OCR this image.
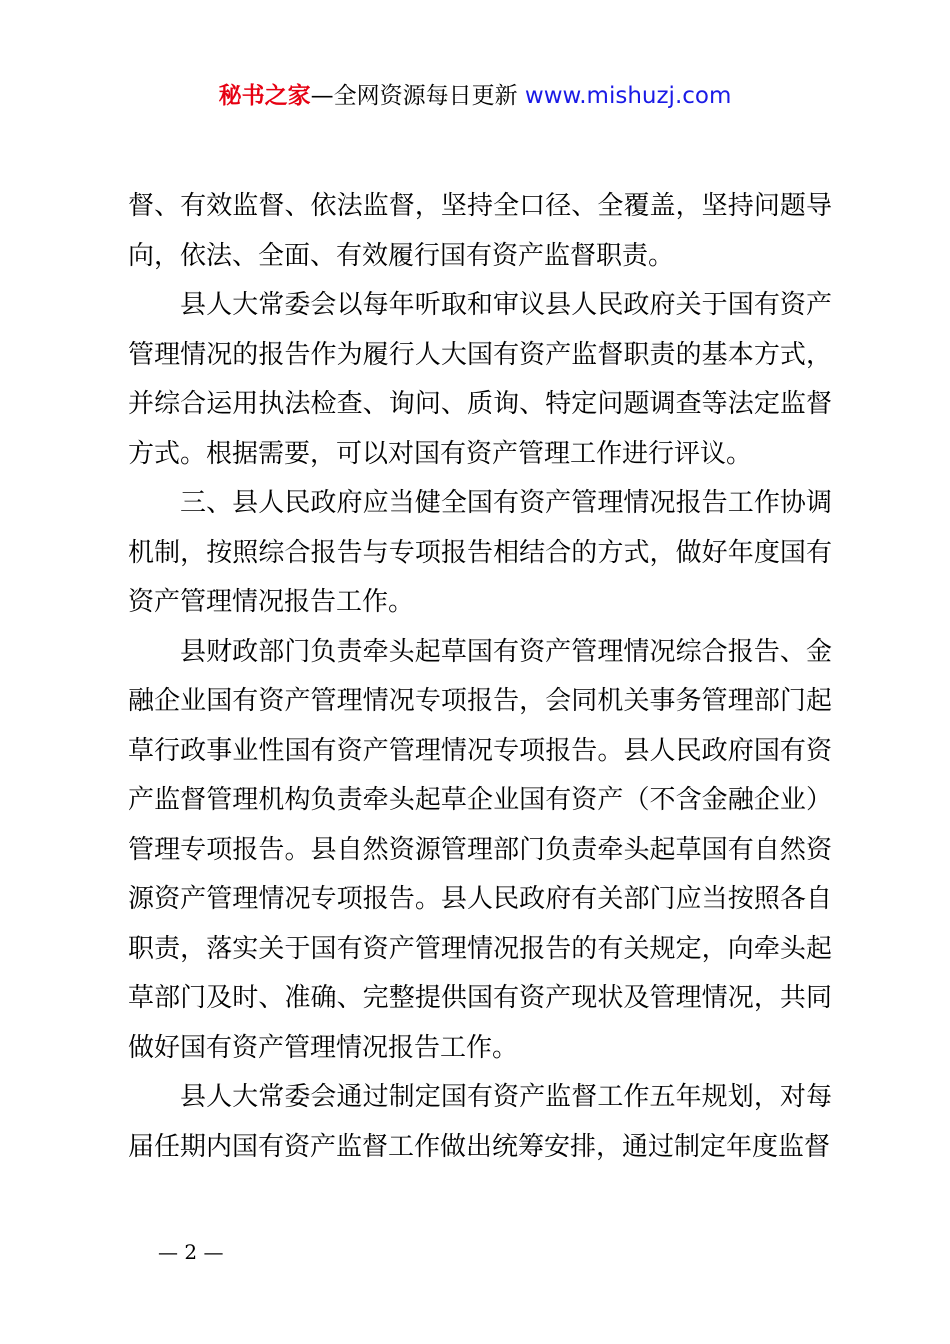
秘书之家—全网资源每日更新 www.mishuzj.com

督、有效监督、依法监督，坚持全口径、全覆盖，坚持问题导向，依法、全面、有效履行国有资产监督职责。

县人大常委会以每年听取和审议县人民政府关于国有资产管理情况的报告作为履行人大国有资产监督职责的基本方式，并综合运用执法检查、询问、质询、特定问题调查等法定监督方式。根据需要，可以对国有资产管理工作进行评议。

三、县人民政府应当健全国有资产管理情况报告工作协调机制，按照综合报告与专项报告相结合的方式，做好年度国有资产管理情况报告工作。

县财政部门负责牵头起草国有资产管理情况综合报告、金融企业国有资产管理情况专项报告，会同机关事务管理部门起草行政事业性国有资产管理情况专项报告。县人民政府国有资产监督管理机构负责牵头起草企业国有资产（不含金融企业）管理专项报告。县自然资源管理部门负责牵头起草国有自然资源资产管理情况专项报告。县人民政府有关部门应当按照各自职责，落实关于国有资产管理情况报告的有关规定，向牵头起草部门及时、准确、完整提供国有资产现状及管理情况，共同做好国有资产管理情况报告工作。

县人大常委会通过制定国有资产监督工作五年规划，对每届任期内国有资产监督工作做出统筹安排，通过制定年度监督

— 2 —
